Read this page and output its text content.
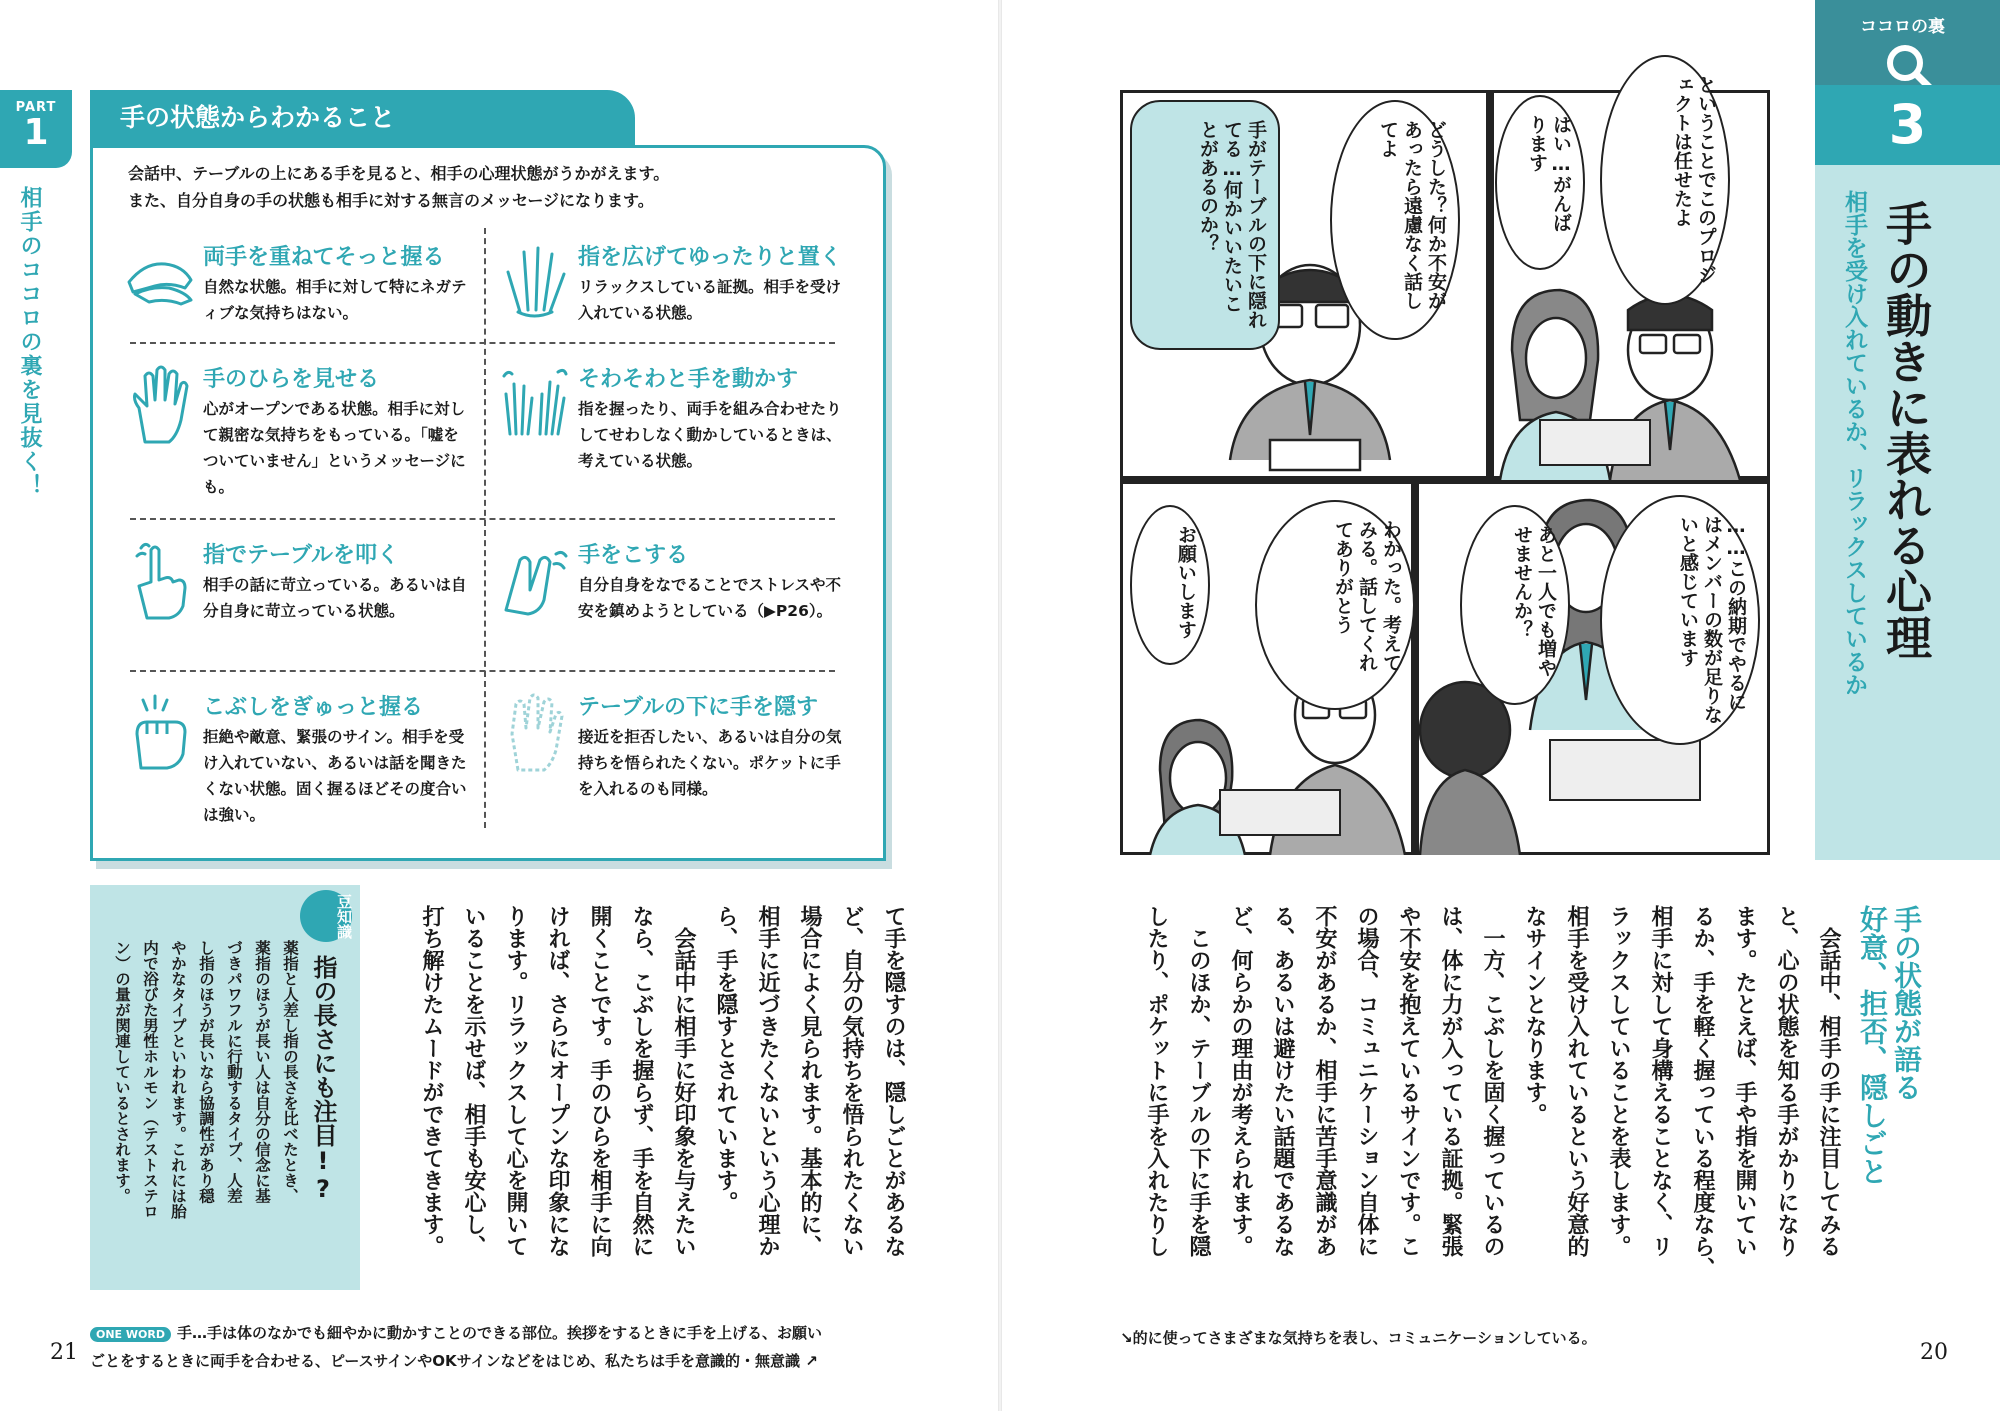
PART
1
相手のココロの裏を見抜く！
手の状態からわかること
会話中、テーブルの上にある手を見ると、相手の心理状態がうかがえます。
また、自分自身の手の状態も相手に対する無言のメッセージになります。
両手を重ねてそっと握る

自然な状態。相手に対して特にネガティブな気持ちはない。

指を広げてゆったりと置く

リラックスしている証拠。相手を受け入れている状態。

手のひらを見せる

心がオープンである状態。相手に対して親密な気持ちをもっている。「嘘をついていません」というメッセージにも。

そわそわと手を動かす

指を握ったり、両手を組み合わせたりしてせわしなく動かしているときは、考えている状態。

指でテーブルを叩く

相手の話に苛立っている。あるいは自分自身に苛立っている状態。

手をこする

自分自身をなでることでストレスや不安を鎮めようとしている（▶P26）。

こぶしをぎゅっと握る

拒絶や敵意、緊張のサイン。相手を受け入れていない、あるいは話を聞きたくない状態。固く握るほどその度合いは強い。

テーブルの下に手を隠す

接近を拒否したい、あるいは自分の気持ちを悟られたくない。ポケットに手を入れるのも同様。

豆知識
指の長さにも注目!?
薬指と人差し指の長さを比べたとき、
薬指のほうが長い人は自分の信念に基
づきパワフルに行動するタイプ、人差
し指のほうが長いなら協調性があり穏
やかなタイプといわれます。これには胎
内で浴びた男性ホルモン（テストステロ
ン）の量が関連しているとされます。	て手を隠すのは、隠しごとがあるな
ど、自分の気持ちを悟られたくない
場合によく見られます。基本的に、
相手に近づきたくないという心理か
ら、手を隠すとされています。
　会話中に相手に好印象を与えたい
なら、こぶしを握らず、手を自然に
開くことです。手のひらを相手に向
ければ、さらにオープンな印象にな
ります。リラックスして心を開いて
いることを示せば、相手も安心し、
打ち解けたムードができてきます。
ONE WORD 手…手は体のなかでも細やかに動かすことのできる部位。挨拶をするときに手を上げる、お願い
ごとをするときに両手を合わせる、ピースサインやOKサインなどをはじめ、私たちは手を意識的・無意識 ↗
21
ということでこのプロジェクトは任せたよ
はい…がんばります
どうした？何か不安があったら遠慮なく話してよ
手がテーブルの下に隠れてる…何かいいたいことがあるのか？
……この納期でやるにはメンバーの数が足りないと感じています
あと一人でも増やせませんか？
わかった。考えてみる。話してくれてありがとう
お願いします
ココロの裏
3
手の動きに表れる心理
相手を受け入れているか、リラックスしているか
手の状態が語る
好意、拒否、隠しごと
　会話中、相手の手に注目してみる
と、心の状態を知る手がかりになり
ます。たとえば、手や指を開いてい
るか、手を軽く握っている程度なら、
相手に対して身構えることなく、リ
ラックスしていることを表します。
相手を受け入れているという好意的
なサインとなります。
　一方、こぶしを固く握っているの
は、体に力が入っている証拠。緊張
や不安を抱えているサインです。こ
の場合、コミュニケーション自体に
不安があるか、相手に苦手意識があ
る、あるいは避けたい話題であるな
ど、何らかの理由が考えられます。
　このほか、テーブルの下に手を隠
したり、ポケットに手を入れたりし
↘的に使ってさまざまな気持ちを表し、コミュニケーションしている。
20
